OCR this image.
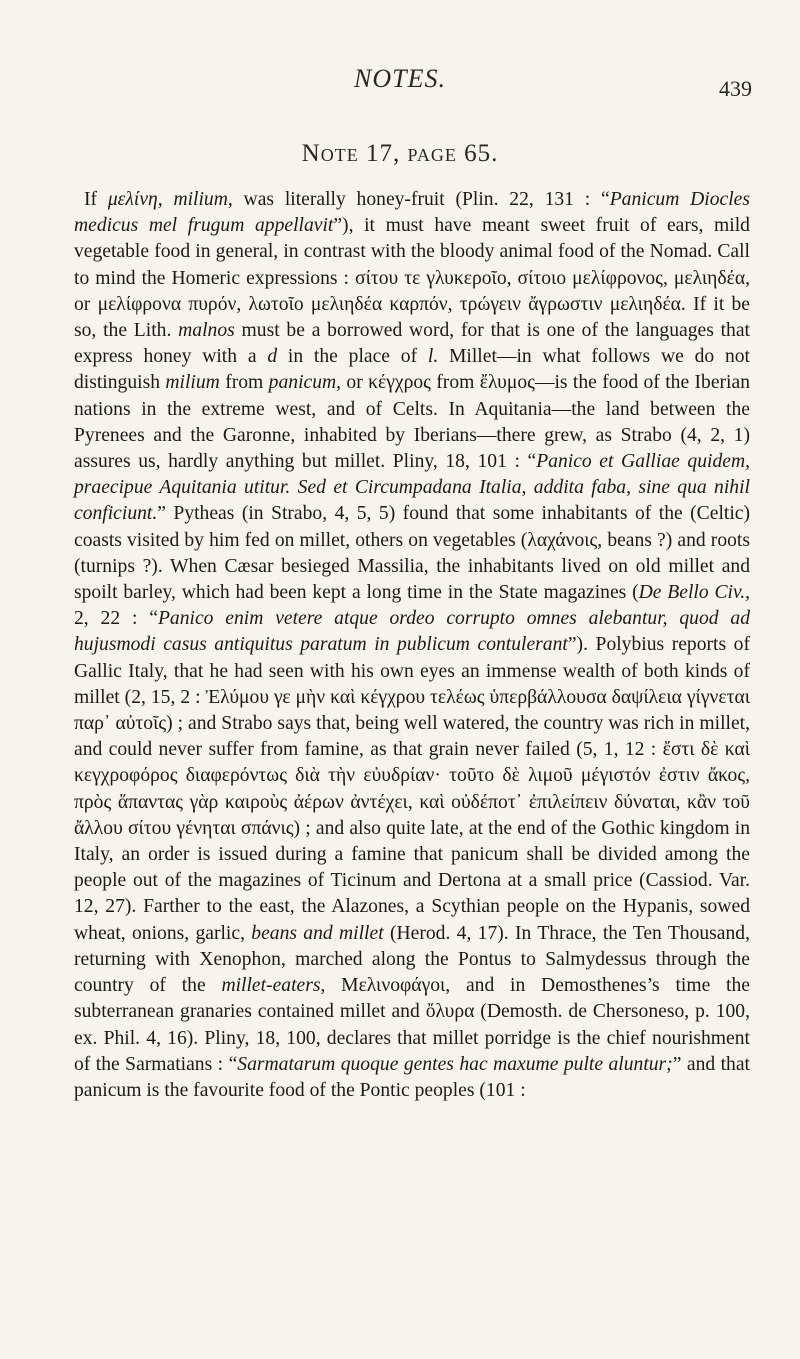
NOTES.	439
Note 17, page 65.

If μελίνη, milium, was literally honey-fruit (Plin. 22, 131 : “Panicum Diocles medicus mel frugum appellavit”), it must have meant sweet fruit of ears, mild vegetable food in general, in contrast with the bloody animal food of the Nomad. Call to mind the Homeric expressions : σίτου τε γλυκεροῖο, σίτοιο μελίφρονος, μελιηδέα, or μελίφρονα πυρόν, λωτοῖο μελιηδέα καρπόν, τρώγειν ἄγρωστιν μελιηδέα. If it be so, the Lith. malnos must be a borrowed word, for that is one of the languages that express honey with a d in the place of l. Millet—in what follows we do not distinguish milium from panicum, or κέγχρος from ἔλυμος—is the food of the Iberian nations in the extreme west, and of Celts. In Aquitania—the land between the Pyrenees and the Garonne, inhabited by Iberians—there grew, as Strabo (4, 2, 1) assures us, hardly anything but millet. Pliny, 18, 101 : “Panico et Galliae quidem, praecipue Aquitania utitur. Sed et Circumpadana Italia, addita faba, sine qua nihil conficiunt.” Pytheas (in Strabo, 4, 5, 5) found that some inhabitants of the (Celtic) coasts visited by him fed on millet, others on vegetables (λαχάνοις, beans ?) and roots (turnips ?). When Cæsar besieged Massilia, the inhabitants lived on old millet and spoilt barley, which had been kept a long time in the State magazines (De Bello Civ., 2, 22 : “Panico enim vetere atque ordeo corrupto omnes alebantur, quod ad hujusmodi casus antiquitus paratum in publicum contulerant”). Polybius reports of Gallic Italy, that he had seen with his own eyes an immense wealth of both kinds of millet (2, 15, 2 : Ἐλύμου γε μὴν καὶ κέγχρου τελέως ὑπερβάλλουσα δαψίλεια γίγνεται παρ᾽ αὐτοῖς) ; and Strabo says that, being well watered, the country was rich in millet, and could never suffer from famine, as that grain never failed (5, 1, 12 : ἔστι δὲ καὶ κεγχροφόρος διαφερόντως διὰ τὴν εὐυδρίαν· τοῦτο δὲ λιμοῦ μέγιστόν ἐστιν ἄκος, πρὸς ἅπαντας γὰρ καιροὺς ἀέρων ἀντέχει, καὶ οὐδέποτ᾽ ἐπιλείπειν δύναται, κἂν τοῦ ἄλλου σίτου γένηται σπάνις) ; and also quite late, at the end of the Gothic kingdom in Italy, an order is issued during a famine that panicum shall be divided among the people out of the magazines of Ticinum and Dertona at a small price (Cassiod. Var. 12, 27). Farther to the east, the Alazones, a Scythian people on the Hypanis, sowed wheat, onions, garlic, beans and millet (Herod. 4, 17). In Thrace, the Ten Thousand, returning with Xenophon, marched along the Pontus to Salmydessus through the country of the millet-eaters, Μελινοφάγοι, and in Demosthenes’s time the subterranean granaries contained millet and ὄλυρα (Demosth. de Chersoneso, p. 100, ex. Phil. 4, 16). Pliny, 18, 100, declares that millet porridge is the chief nourishment of the Sarmatians : “Sarmatarum quoque gentes hac maxume pulte aluntur;” and that panicum is the favourite food of the Pontic peoples (101 :
